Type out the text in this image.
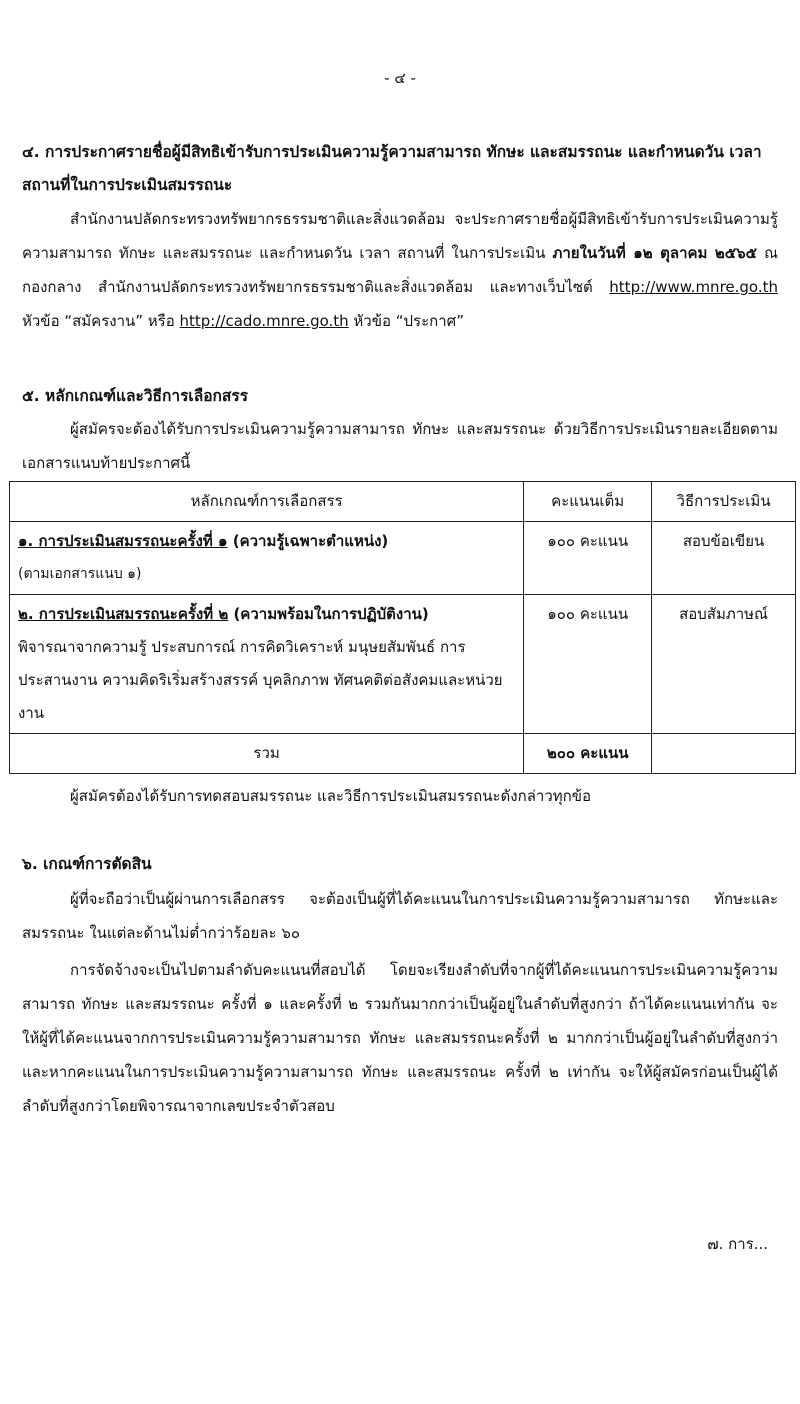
- ๔ -
๔. การประกาศรายชื่อผู้มีสิทธิเข้ารับการประเมินความรู้ความสามารถ ทักษะ และสมรรถนะ และกำหนดวัน เวลา สถานที่ในการประเมินสมรรถนะ
สำนักงานปลัดกระทรวงทรัพยากรธรรมชาติและสิ่งแวดล้อม จะประกาศรายชื่อผู้มีสิทธิเข้ารับการประเมินความรู้ความสามารถ ทักษะ และสมรรถนะ และกำหนดวัน เวลา สถานที่ ในการประเมิน ภายในวันที่ ๑๒ ตุลาคม ๒๕๖๕ ณ กองกลาง สำนักงานปลัดกระทรวงทรัพยากรธรรมชาติและสิ่งแวดล้อม และทางเว็บไซต์ http://www.mnre.go.th หัวข้อ “สมัครงาน” หรือ http://cado.mnre.go.th หัวข้อ “ประกาศ”
๕. หลักเกณฑ์และวิธีการเลือกสรร
ผู้สมัครจะต้องได้รับการประเมินความรู้ความสามารถ ทักษะ และสมรรถนะ ด้วยวิธีการประเมินรายละเอียดตามเอกสารแนบท้ายประกาศนี้
หลักเกณฑ์การเลือกสรร	คะแนนเต็ม	วิธีการประเมิน

๑. การประเมินสมรรถนะครั้งที่ ๑ (ความรู้เฉพาะตำแหน่ง)
(ตามเอกสารแนบ ๑)	๑๐๐ คะแนน	สอบข้อเขียน

๒. การประเมินสมรรถนะครั้งที่ ๒ (ความพร้อมในการปฏิบัติงาน)
พิจารณาจากความรู้ ประสบการณ์ การคิดวิเคราะห์ มนุษยสัมพันธ์ การประสานงาน ความคิดริเริ่มสร้างสรรค์ บุคลิกภาพ ทัศนคติต่อสังคมและหน่วยงาน	๑๐๐ คะแนน	สอบสัมภาษณ์
รวม	๒๐๐ คะแนน	
ผู้สมัครต้องได้รับการทดสอบสมรรถนะ และวิธีการประเมินสมรรถนะดังกล่าวทุกข้อ
๖. เกณฑ์การตัดสิน
ผู้ที่จะถือว่าเป็นผู้ผ่านการเลือกสรร จะต้องเป็นผู้ที่ได้คะแนนในการประเมินความรู้ความสามารถ ทักษะและสมรรถนะ ในแต่ละด้านไม่ต่ำกว่าร้อยละ ๖๐
การจัดจ้างจะเป็นไปตามลำดับคะแนนที่สอบได้ โดยจะเรียงลำดับที่จากผู้ที่ได้คะแนนการประเมินความรู้ความสามารถ ทักษะ และสมรรถนะ ครั้งที่ ๑ และครั้งที่ ๒ รวมกันมากกว่าเป็นผู้อยู่ในลำดับที่สูงกว่า ถ้าได้คะแนนเท่ากัน จะให้ผู้ที่ได้คะแนนจากการประเมินความรู้ความสามารถ ทักษะ และสมรรถนะครั้งที่ ๒ มากกว่าเป็นผู้อยู่ในลำดับที่สูงกว่า และหากคะแนนในการประเมินความรู้ความสามารถ ทักษะ และสมรรถนะ ครั้งที่ ๒ เท่ากัน จะให้ผู้สมัครก่อนเป็นผู้ได้ลำดับที่สูงกว่าโดยพิจารณาจากเลขประจำตัวสอบ
๗. การ...
